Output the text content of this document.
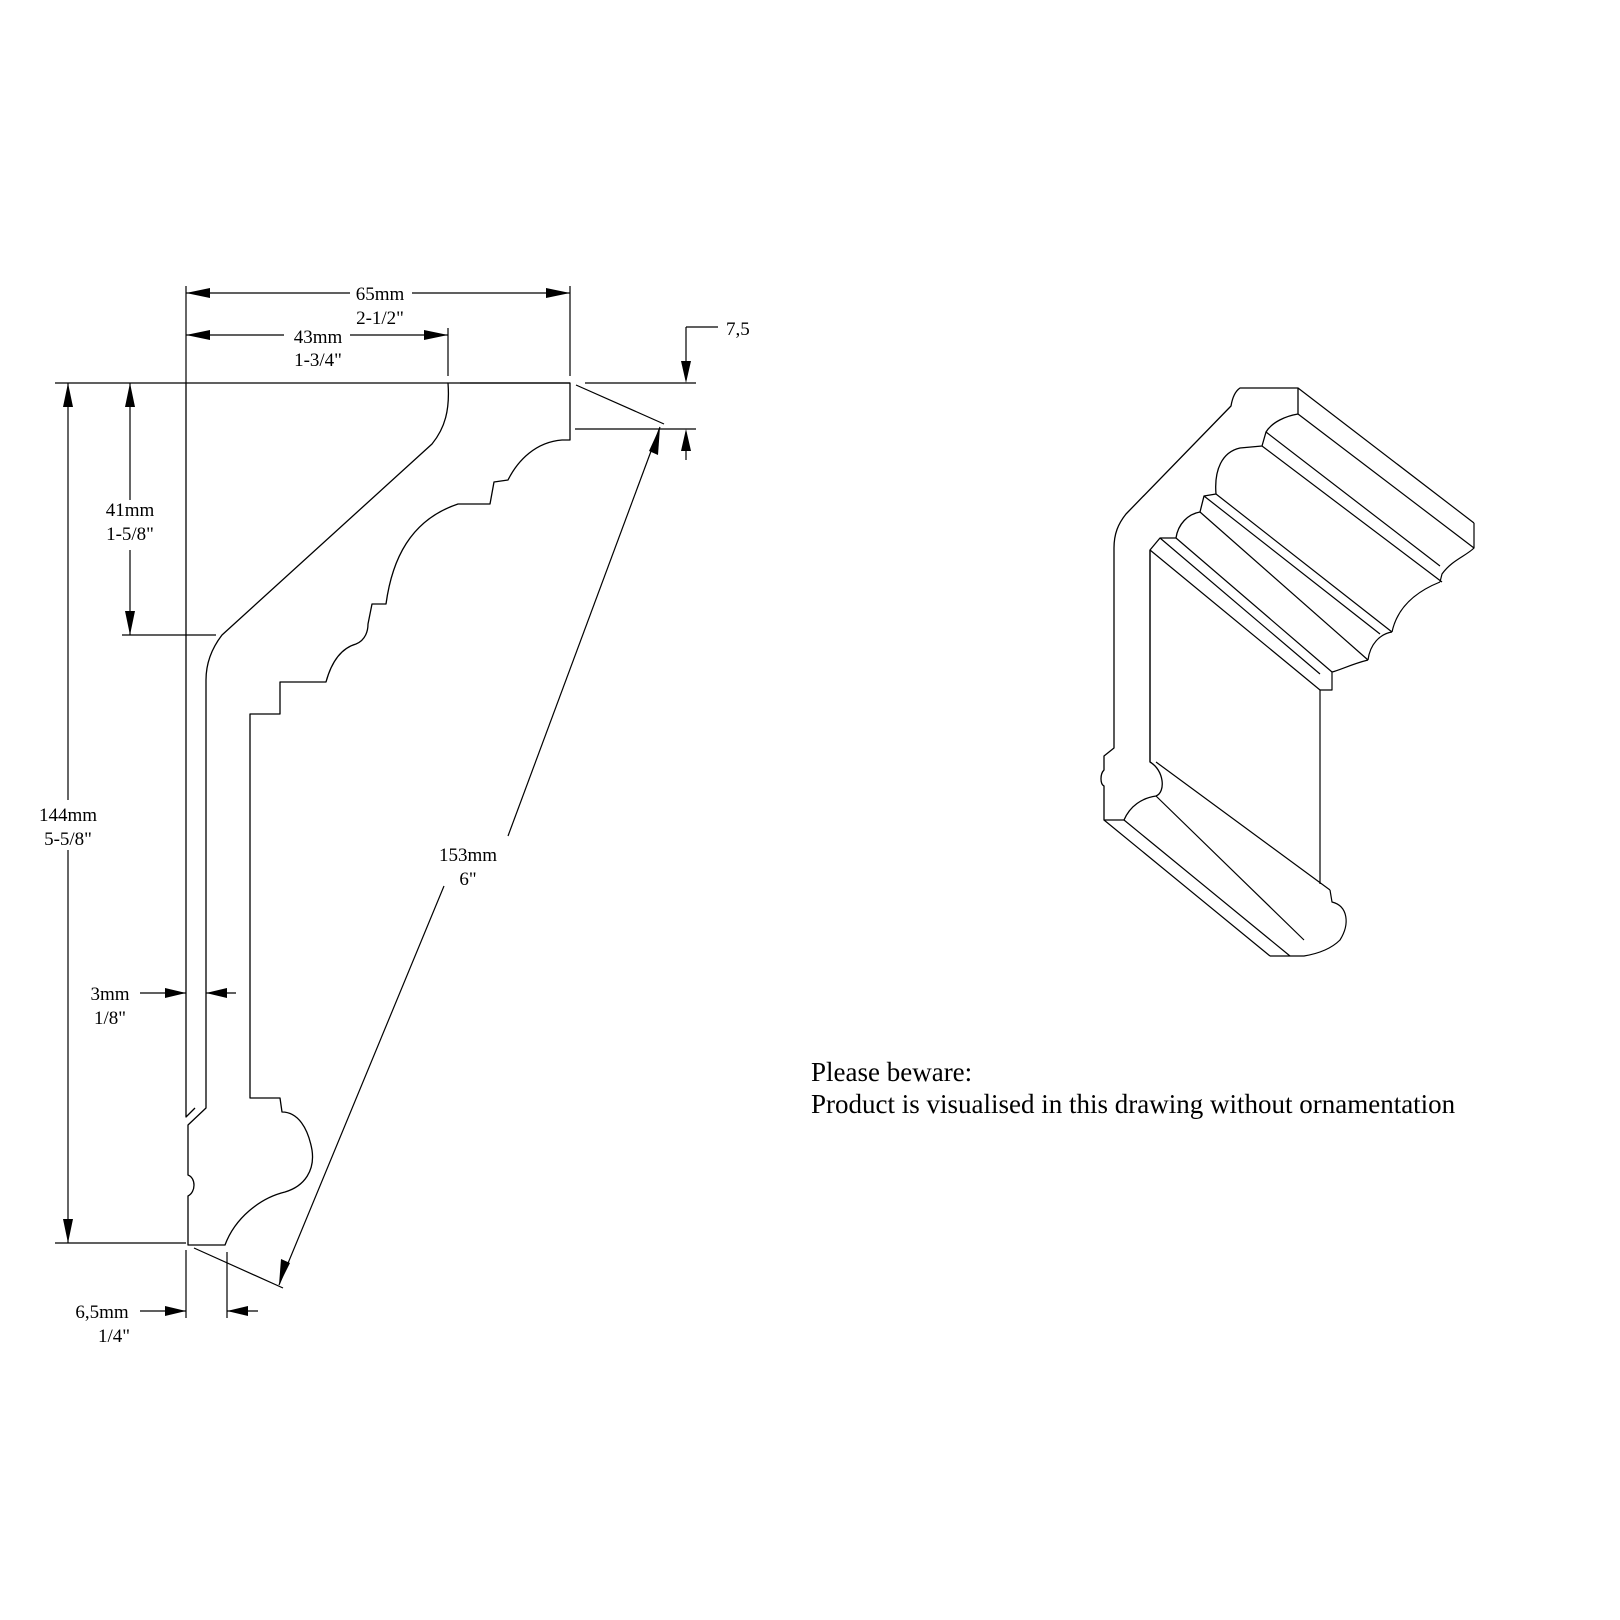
65mm
2-1/2"
43mm
1-3/4"
7,5
41mm
1-5/8"
144mm
5-5/8"
153mm
6"
3mm
1/8"
6,5mm
1/4"
Please beware:
Product is visualised in this drawing without ornamentation
